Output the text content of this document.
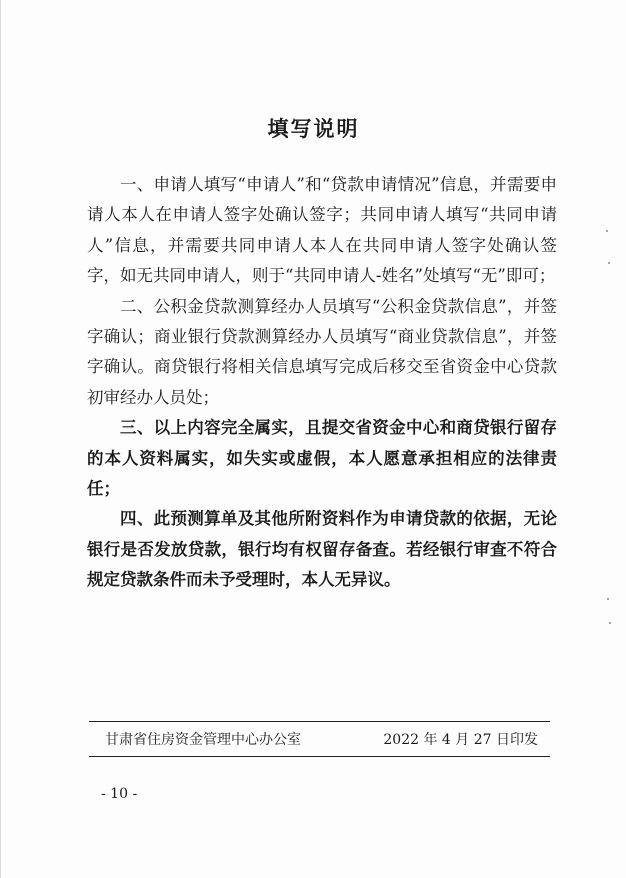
填写说明

一、申请人填写“申请人”和“贷款申请情况”信息，并需要申请人本人在申请人签字处确认签字；共同申请人填写“共同申请人”信息，并需要共同申请人本人在共同申请人签字处确认签字，如无共同申请人，则于“共同申请人-姓名”处填写“无”即可；

二、公积金贷款测算经办人员填写“公积金贷款信息”，并签字确认；商业银行贷款测算经办人员填写“商业贷款信息”，并签字确认。商贷银行将相关信息填写完成后移交至省资金中心贷款初审经办人员处；

三、以上内容完全属实，且提交省资金中心和商贷银行留存的本人资料属实，如失实或虚假，本人愿意承担相应的法律责任；

四、此预测算单及其他所附资料作为申请贷款的依据，无论银行是否发放贷款，银行均有权留存备查。若经银行审查不符合规定贷款条件而未予受理时，本人无异议。

甘肃省住房资金管理中心办公室	2022 年 4 月 27 日印发
- 10 -
